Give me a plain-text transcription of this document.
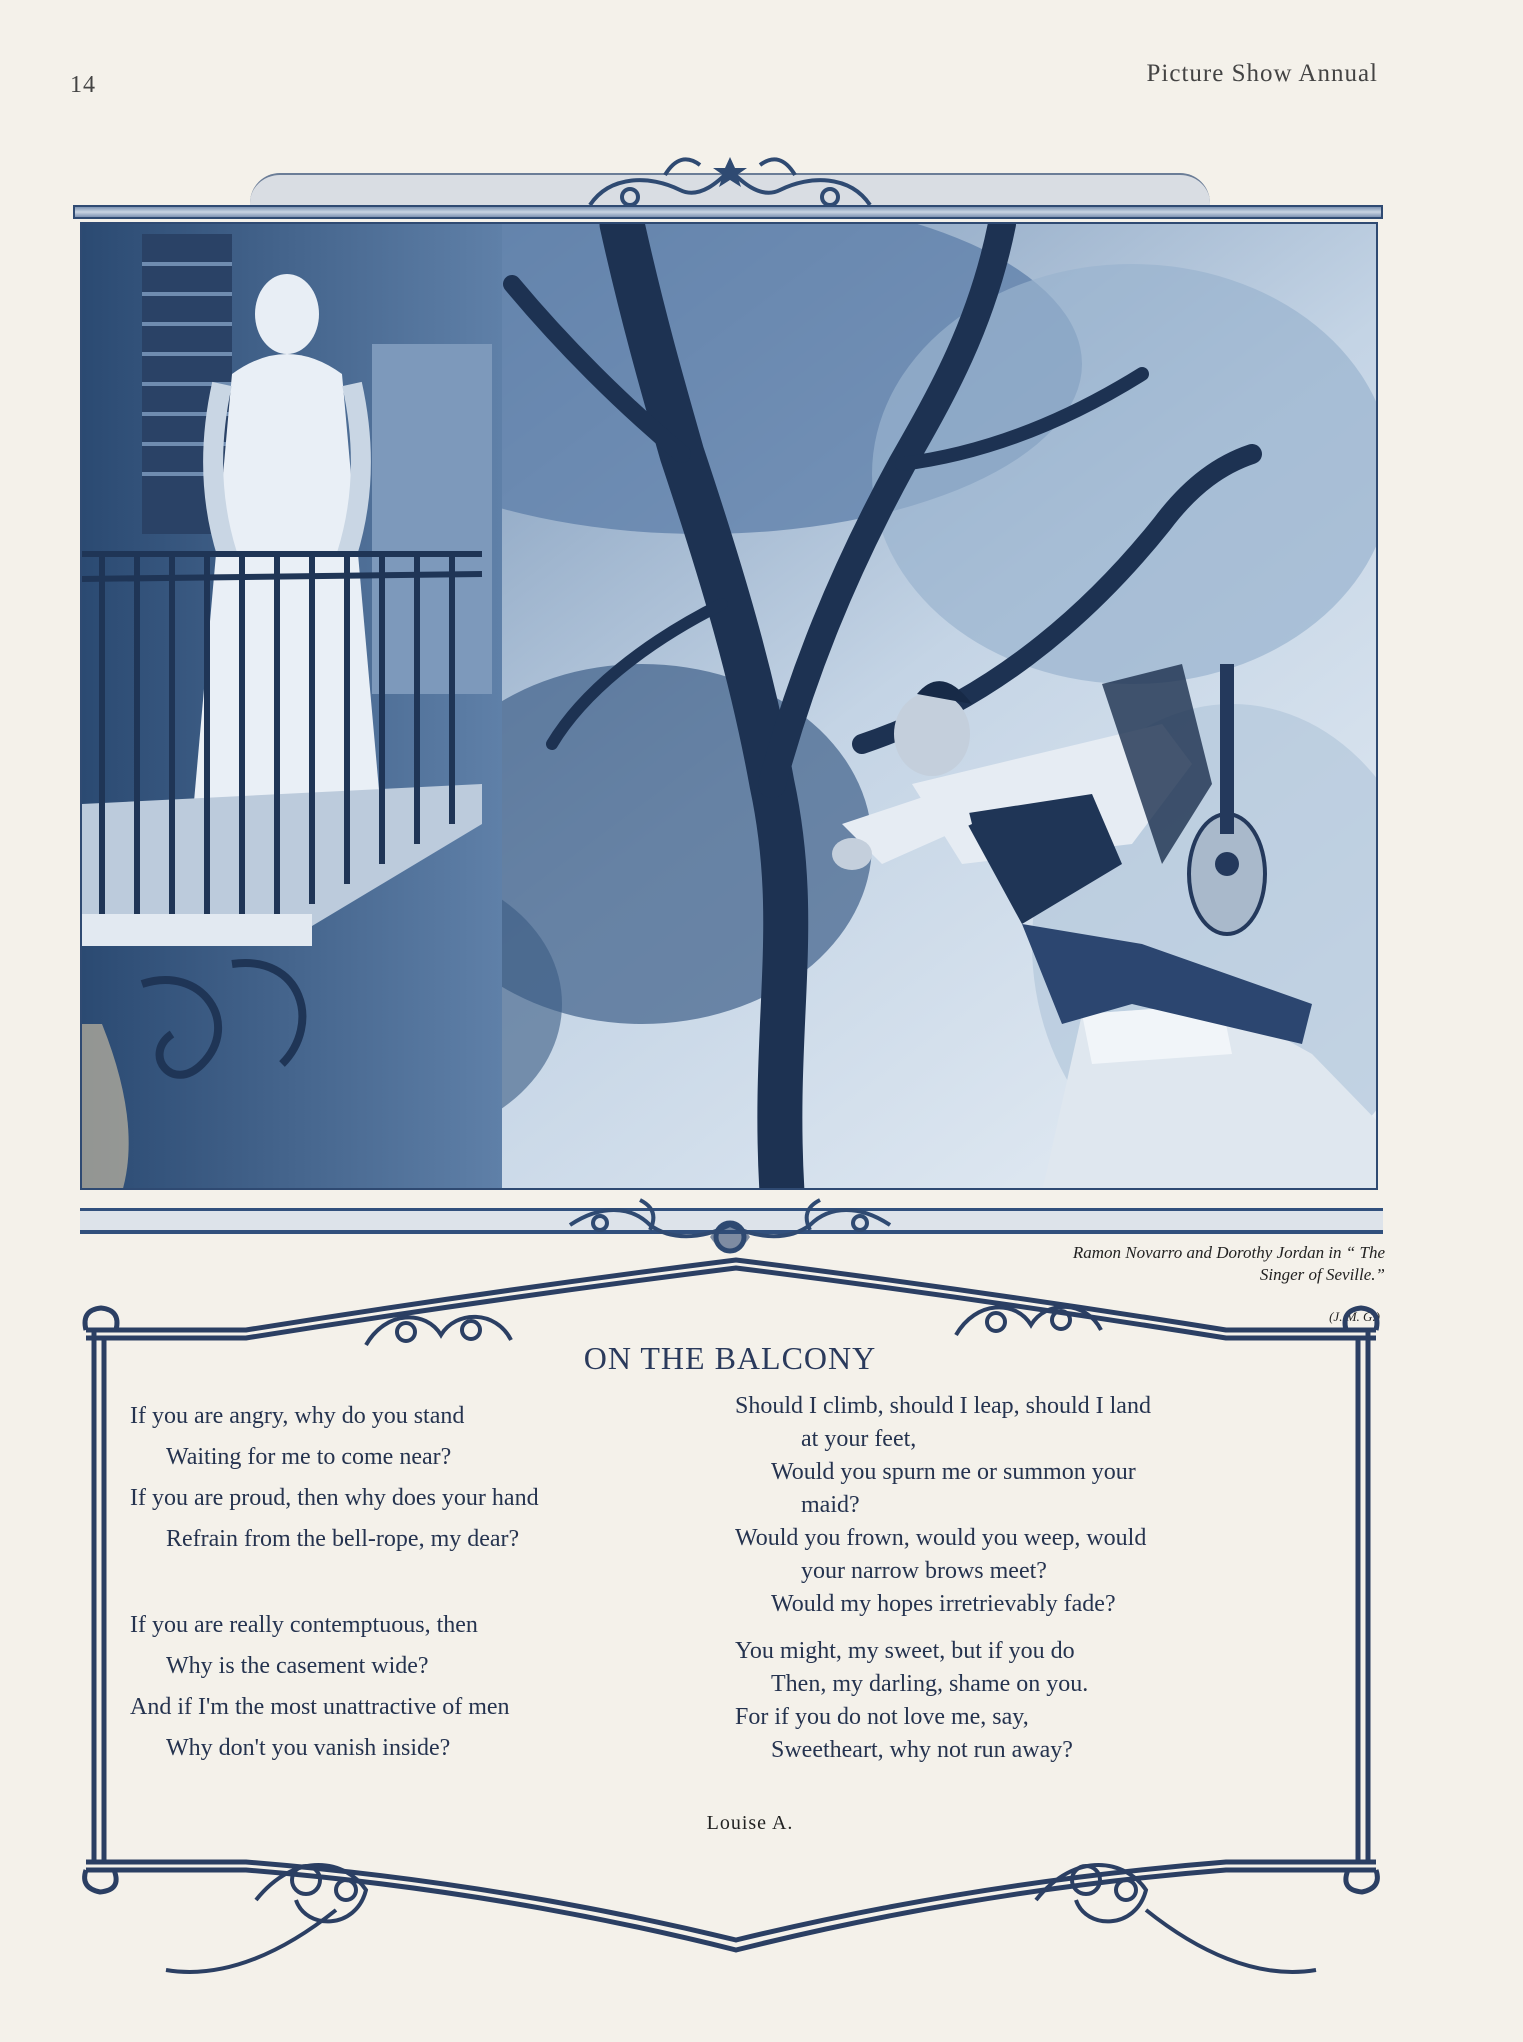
14	Picture Show Annual
Ramon Novarro and Dorothy Jordan in “ The Singer of Seville.”
(J. M. G.)
ON THE BALCONY
If you are angry, why do you stand
Waiting for me to come near?
If you are proud, then why does your hand
Refrain from the bell-rope, my dear?
If you are really contemptuous, then
Why is the casement wide?
And if I'm the most unattractive of men
Why don't you vanish inside?
Should I climb, should I leap, should I land
at your feet,
Would you spurn me or summon your
maid?
Would you frown, would you weep, would
your narrow brows meet?
Would my hopes irretrievably fade?
You might, my sweet, but if you do
Then, my darling, shame on you.
For if you do not love me, say,
Sweetheart, why not run away?
Louise A.
